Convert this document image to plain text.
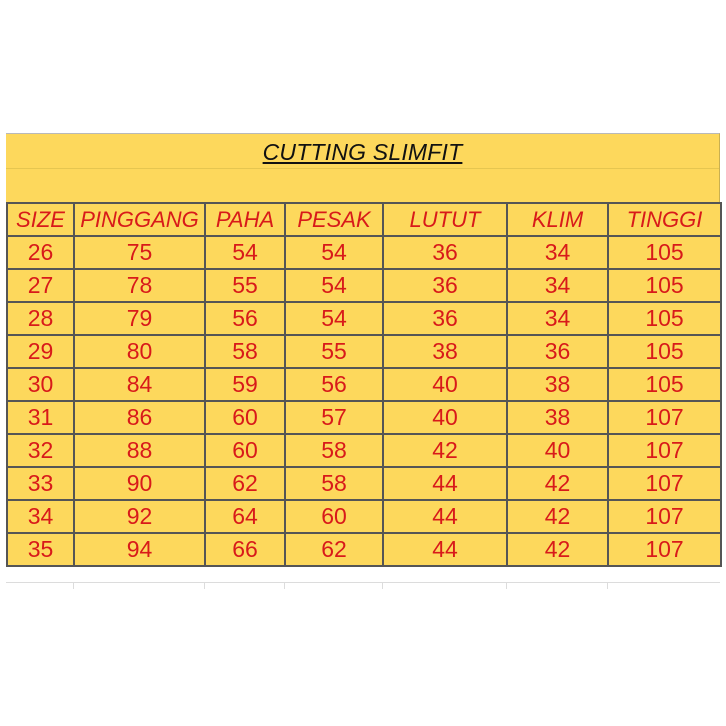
CUTTING SLIMFIT
SIZE	PINGGANG	PAHA	PESAK	LUTUT	KLIM	TINGGI
26	75	54	54	36	34	105
27	78	55	54	36	34	105
28	79	56	54	36	34	105
29	80	58	55	38	36	105
30	84	59	56	40	38	105
31	86	60	57	40	38	107
32	88	60	58	42	40	107
33	90	62	58	44	42	107
34	92	64	60	44	42	107
35	94	66	62	44	42	107
